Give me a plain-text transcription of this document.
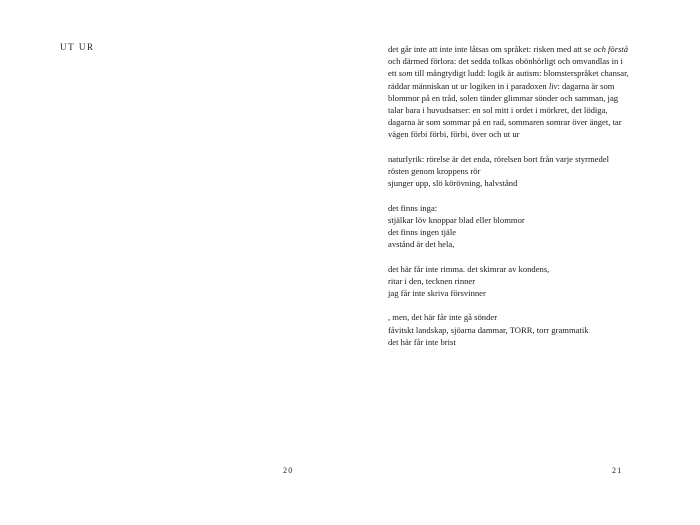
UT UR
20
det går inte att inte inte låtsas om språket: risken med att se och förstå
och därmed förlora: det sedda tolkas obönhörligt och omvandlas in i
ett som till mångtydigt ludd: logik är autism: blomsterspråket chansar,
räddar människan ut ur logiken in i paradoxen liv: dagarna är som
blommor på en tråd, solen tänder glimmar sönder och samman, jag
talar bara i huvudsatser: en sol mitt i ordet i mörkret, det lödiga,
dagarna är som sommar på en rad, sommaren somrar över änget, tar
vägen förbi förbi, förbi, över och ut ur
naturlyrik: rörelse är det enda, rörelsen bort från varje styrmedel
rösten genom kroppens rör
sjunger upp, slö körövning, halvstånd
det finns inga:
stjälkar löv knoppar blad eller blommor
det finns ingen tjäle
avstånd är det hela,
det här får inte rimma. det skimrar av kondens,
ritar i den, tecknen rinner
jag får inte skriva försvinner
, men, det här får inte gå sönder
fåvitskt landskap, sjöarna dammar, TORR, torr grammatik
det här får inte brist
21
